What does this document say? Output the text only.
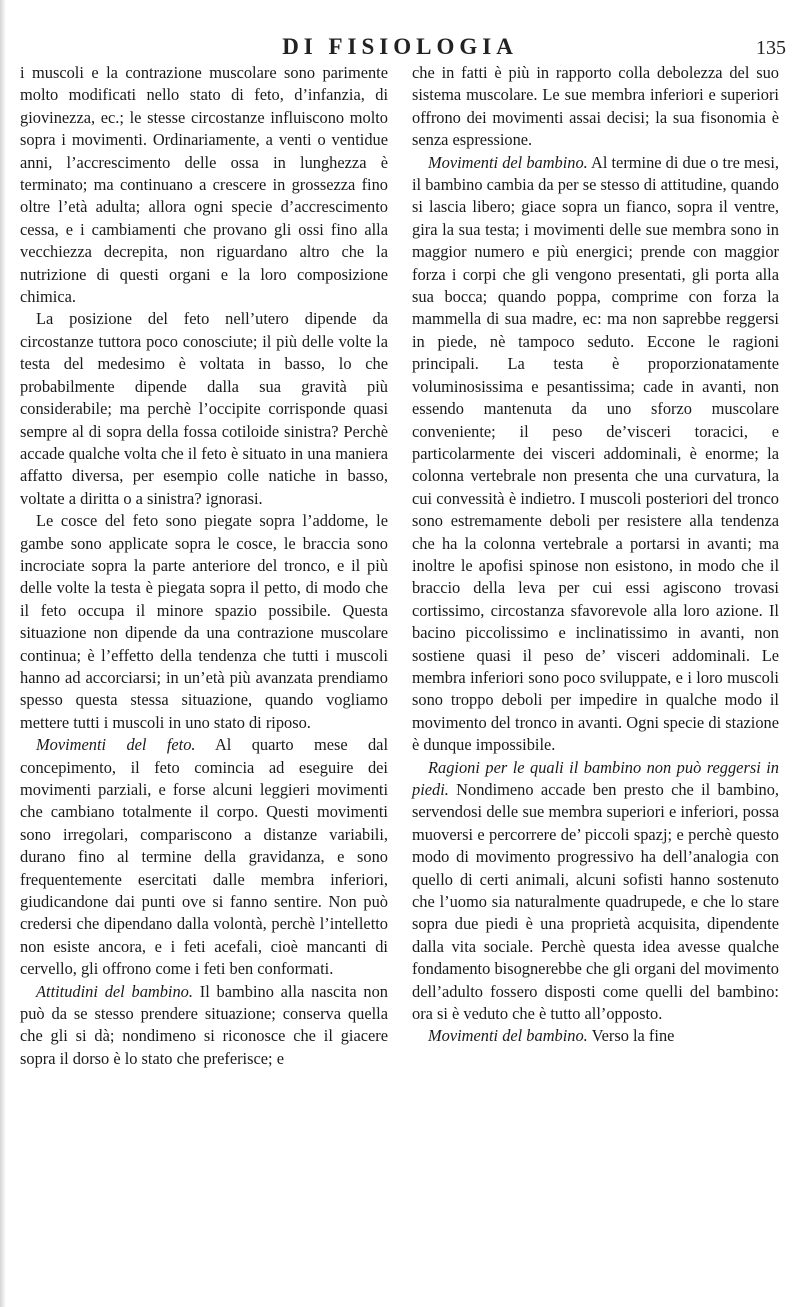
DI FISIOLOGIA	135

i muscoli e la contrazione muscolare sono parimente molto modificati nello stato di feto, d’infanzia, di giovinezza, ec.; le stesse circostanze influiscono molto sopra i movimenti. Ordinariamente, a venti o ventidue anni, l’accrescimento delle ossa in lunghezza è terminato; ma continuano a crescere in grossezza fino oltre l’età adulta; allora ogni specie d’accrescimento cessa, e i cambiamenti che provano gli ossi fino alla vecchiezza decrepita, non riguardano altro che la nutrizione di questi organi e la loro composizione chimica.

La posizione del feto nell’utero dipende da circostanze tuttora poco conosciute; il più delle volte la testa del medesimo è voltata in basso, lo che probabilmente dipende dalla sua gravità più considerabile; ma perchè l’occipite corrisponde quasi sempre al di sopra della fossa cotiloide sinistra? Perchè accade qualche volta che il feto è situato in una maniera affatto diversa, per esempio colle natiche in basso, voltate a diritta o a sinistra? ignorasi.

Le cosce del feto sono piegate sopra l’addome, le gambe sono applicate sopra le cosce, le braccia sono incrociate sopra la parte anteriore del tronco, e il più delle volte la testa è piegata sopra il petto, di modo che il feto occupa il minore spazio possibile. Questa situazione non dipende da una contrazione muscolare continua; è l’effetto della tendenza che tutti i muscoli hanno ad accorciarsi; in un’età più avanzata prendiamo spesso questa stessa situazione, quando vogliamo mettere tutti i muscoli in uno stato di riposo.

Movimenti del feto. Al quarto mese dal concepimento, il feto comincia ad eseguire dei movimenti parziali, e forse alcuni leggieri movimenti che cambiano totalmente il corpo. Questi movimenti sono irregolari, compariscono a distanze variabili, durano fino al termine della gravidanza, e sono frequentemente esercitati dalle membra inferiori, giudicandone dai punti ove si fanno sentire. Non può credersi che dipendano dalla volontà, perchè l’intelletto non esiste ancora, e i feti acefali, cioè mancanti di cervello, gli offrono come i feti ben conformati.

Attitudini del bambino. Il bambino alla nascita non può da se stesso prendere situazione; conserva quella che gli si dà; nondimeno si riconosce che il giacere sopra il dorso è lo stato che preferisce; e

che in fatti è più in rapporto colla debolezza del suo sistema muscolare. Le sue membra inferiori e superiori offrono dei movimenti assai decisi; la sua fisonomia è senza espressione.

Movimenti del bambino. Al termine di due o tre mesi, il bambino cambia da per se stesso di attitudine, quando si lascia libero; giace sopra un fianco, sopra il ventre, gira la sua testa; i movimenti delle sue membra sono in maggior numero e più energici; prende con maggior forza i corpi che gli vengono presentati, gli porta alla sua bocca; quando poppa, comprime con forza la mammella di sua madre, ec: ma non saprebbe reggersi in piede, nè tampoco seduto. Eccone le ragioni principali. La testa è proporzionatamente voluminosissima e pesantissima; cade in avanti, non essendo mantenuta da uno sforzo muscolare conveniente; il peso de’visceri toracici, e particolarmente dei visceri addominali, è enorme; la colonna vertebrale non presenta che una curvatura, la cui convessità è indietro. I muscoli posteriori del tronco sono estremamente deboli per resistere alla tendenza che ha la colonna vertebrale a portarsi in avanti; ma inoltre le apofisi spinose non esistono, in modo che il braccio della leva per cui essi agiscono trovasi cortissimo, circostanza sfavorevole alla loro azione. Il bacino piccolissimo e inclinatissimo in avanti, non sostiene quasi il peso de’ visceri addominali. Le membra inferiori sono poco sviluppate, e i loro muscoli sono troppo deboli per impedire in qualche modo il movimento del tronco in avanti. Ogni specie di stazione è dunque impossibile.

Ragioni per le quali il bambino non può reggersi in piedi. Nondimeno accade ben presto che il bambino, servendosi delle sue membra superiori e inferiori, possa muoversi e percorrere de’ piccoli spazj; e perchè questo modo di movimento progressivo ha dell’analogia con quello di certi animali, alcuni sofisti hanno sostenuto che l’uomo sia naturalmente quadrupede, e che lo stare sopra due piedi è una proprietà acquisita, dipendente dalla vita sociale. Perchè questa idea avesse qualche fondamento bisognerebbe che gli organi del movimento dell’adulto fossero disposti come quelli del bambino: ora si è veduto che è tutto all’opposto.

Movimenti del bambino. Verso la fine
